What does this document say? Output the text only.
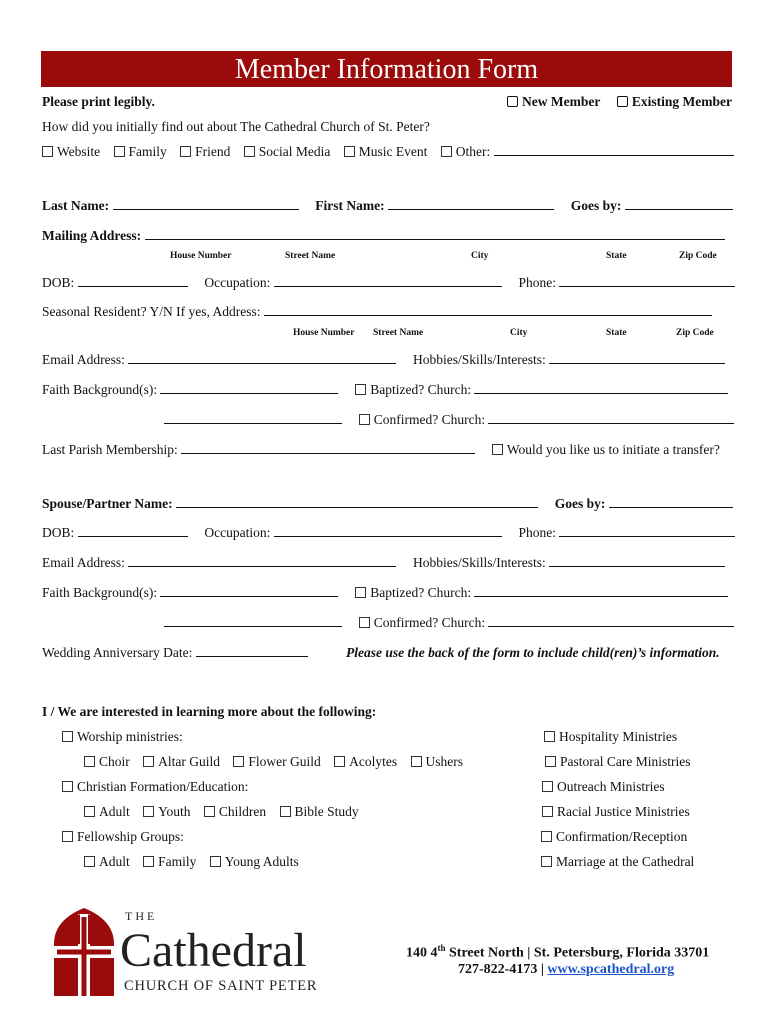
Member Information Form
Please print legibly.	New Member Existing Member
How did you initially find out about The Cathedral Church of St. Peter?
Website Family Friend Social Media Music Event Other:
Last Name:	First Name:	Goes by:
Mailing Address:
House Number	Street Name	City	State	Zip Code
DOB:	Occupation:	Phone:
Seasonal Resident? Y/N If yes, Address:
House Number Street Name	City	State	Zip Code
Email Address:	Hobbies/Skills/Interests:
Faith Background(s):	Baptized? Church:
Confirmed? Church:
Last Parish Membership:	Would you like us to initiate a transfer?
Spouse/Partner Name:	Goes by:
DOB:	Occupation:	Phone:
Email Address:	Hobbies/Skills/Interests:
Faith Background(s):	Baptized? Church:
Confirmed? Church:
Wedding Anniversary Date:	Please use the back of the form to include child(ren)’s information.
I / We are interested in learning more about the following:
Worship ministries:
Choir Altar Guild Flower Guild Acolytes Ushers
Christian Formation/Education:
Adult Youth Children Bible Study
Fellowship Groups:
Adult Family Young Adults
Hospitality Ministries
Pastoral Care Ministries
Outreach Ministries
Racial Justice Ministries
Confirmation/Reception
Marriage at the Cathedral
THE
Cathedral
CHURCH OF SAINT PETER
140 4th Street North | St. Petersburg, Florida 33701
727-822-4173 | www.spcathedral.org
